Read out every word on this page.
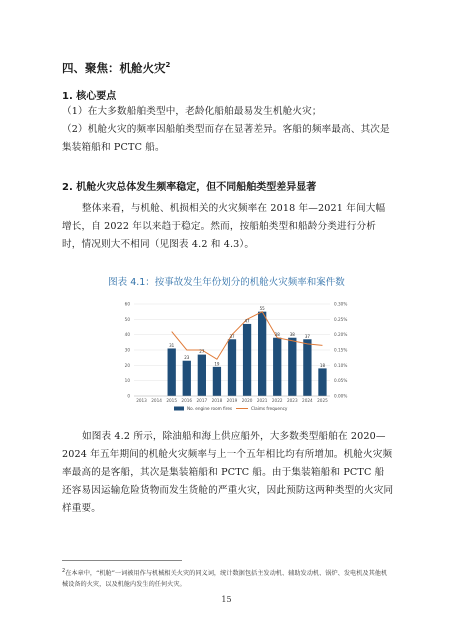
四、聚焦：机舱火灾$^2$
1. 核心要点
（1）在大多数船舶类型中，老龄化船舶最易发生机舱火灾；
（2）机舱火灾的频率因船舶类型而存在显著差异。客船的频率最高、其次是集装箱船和 PCTC 船。
2. 机舱火灾总体发生频率稳定，但不同船舶类型差异显著
整体来看，与机舱、机损相关的火灾频率在 2018 年—2021 年间大幅增长，自 2022 年以来趋于稳定。然而，按船舶类型和船龄分类进行分析时，情况则大不相同（见图表 4.2 和 4.3）。
图表 4.1：按事故发生年份划分的机舱火灾频率和案件数
31
23
27
19
37
47
55
38 38 37
18
60
50
40
30
20
10
0
0.30%
0.25%
0.20%
0.15%
0.10%
0.05%
0.00%
2013 2014 2015 2016 2017 2018 2019 2020 2021 2022 2023 2024 2025
No. engine room fires	Claims frequency
如图表 4.2 所示，除油船和海上供应船外，大多数类型船舶在 2020—2024 年五年期间的机舱火灾频率与上一个五年相比均有所增加。机舱火灾频率最高的是客船，其次是集装箱船和 PCTC 船。由于集装箱船和 PCTC 船还容易因运输危险货物而发生货舱的严重火灾，因此预防这两种类型的火灾同样重要。
$^2$在本章中，“机舱”一词被用作与机械相关火灾的同义词，统计数据包括主发动机、辅助发动机、锅炉、发电机及其他机械设备的火灾，以及机舱内发生的任何火灾。
15
